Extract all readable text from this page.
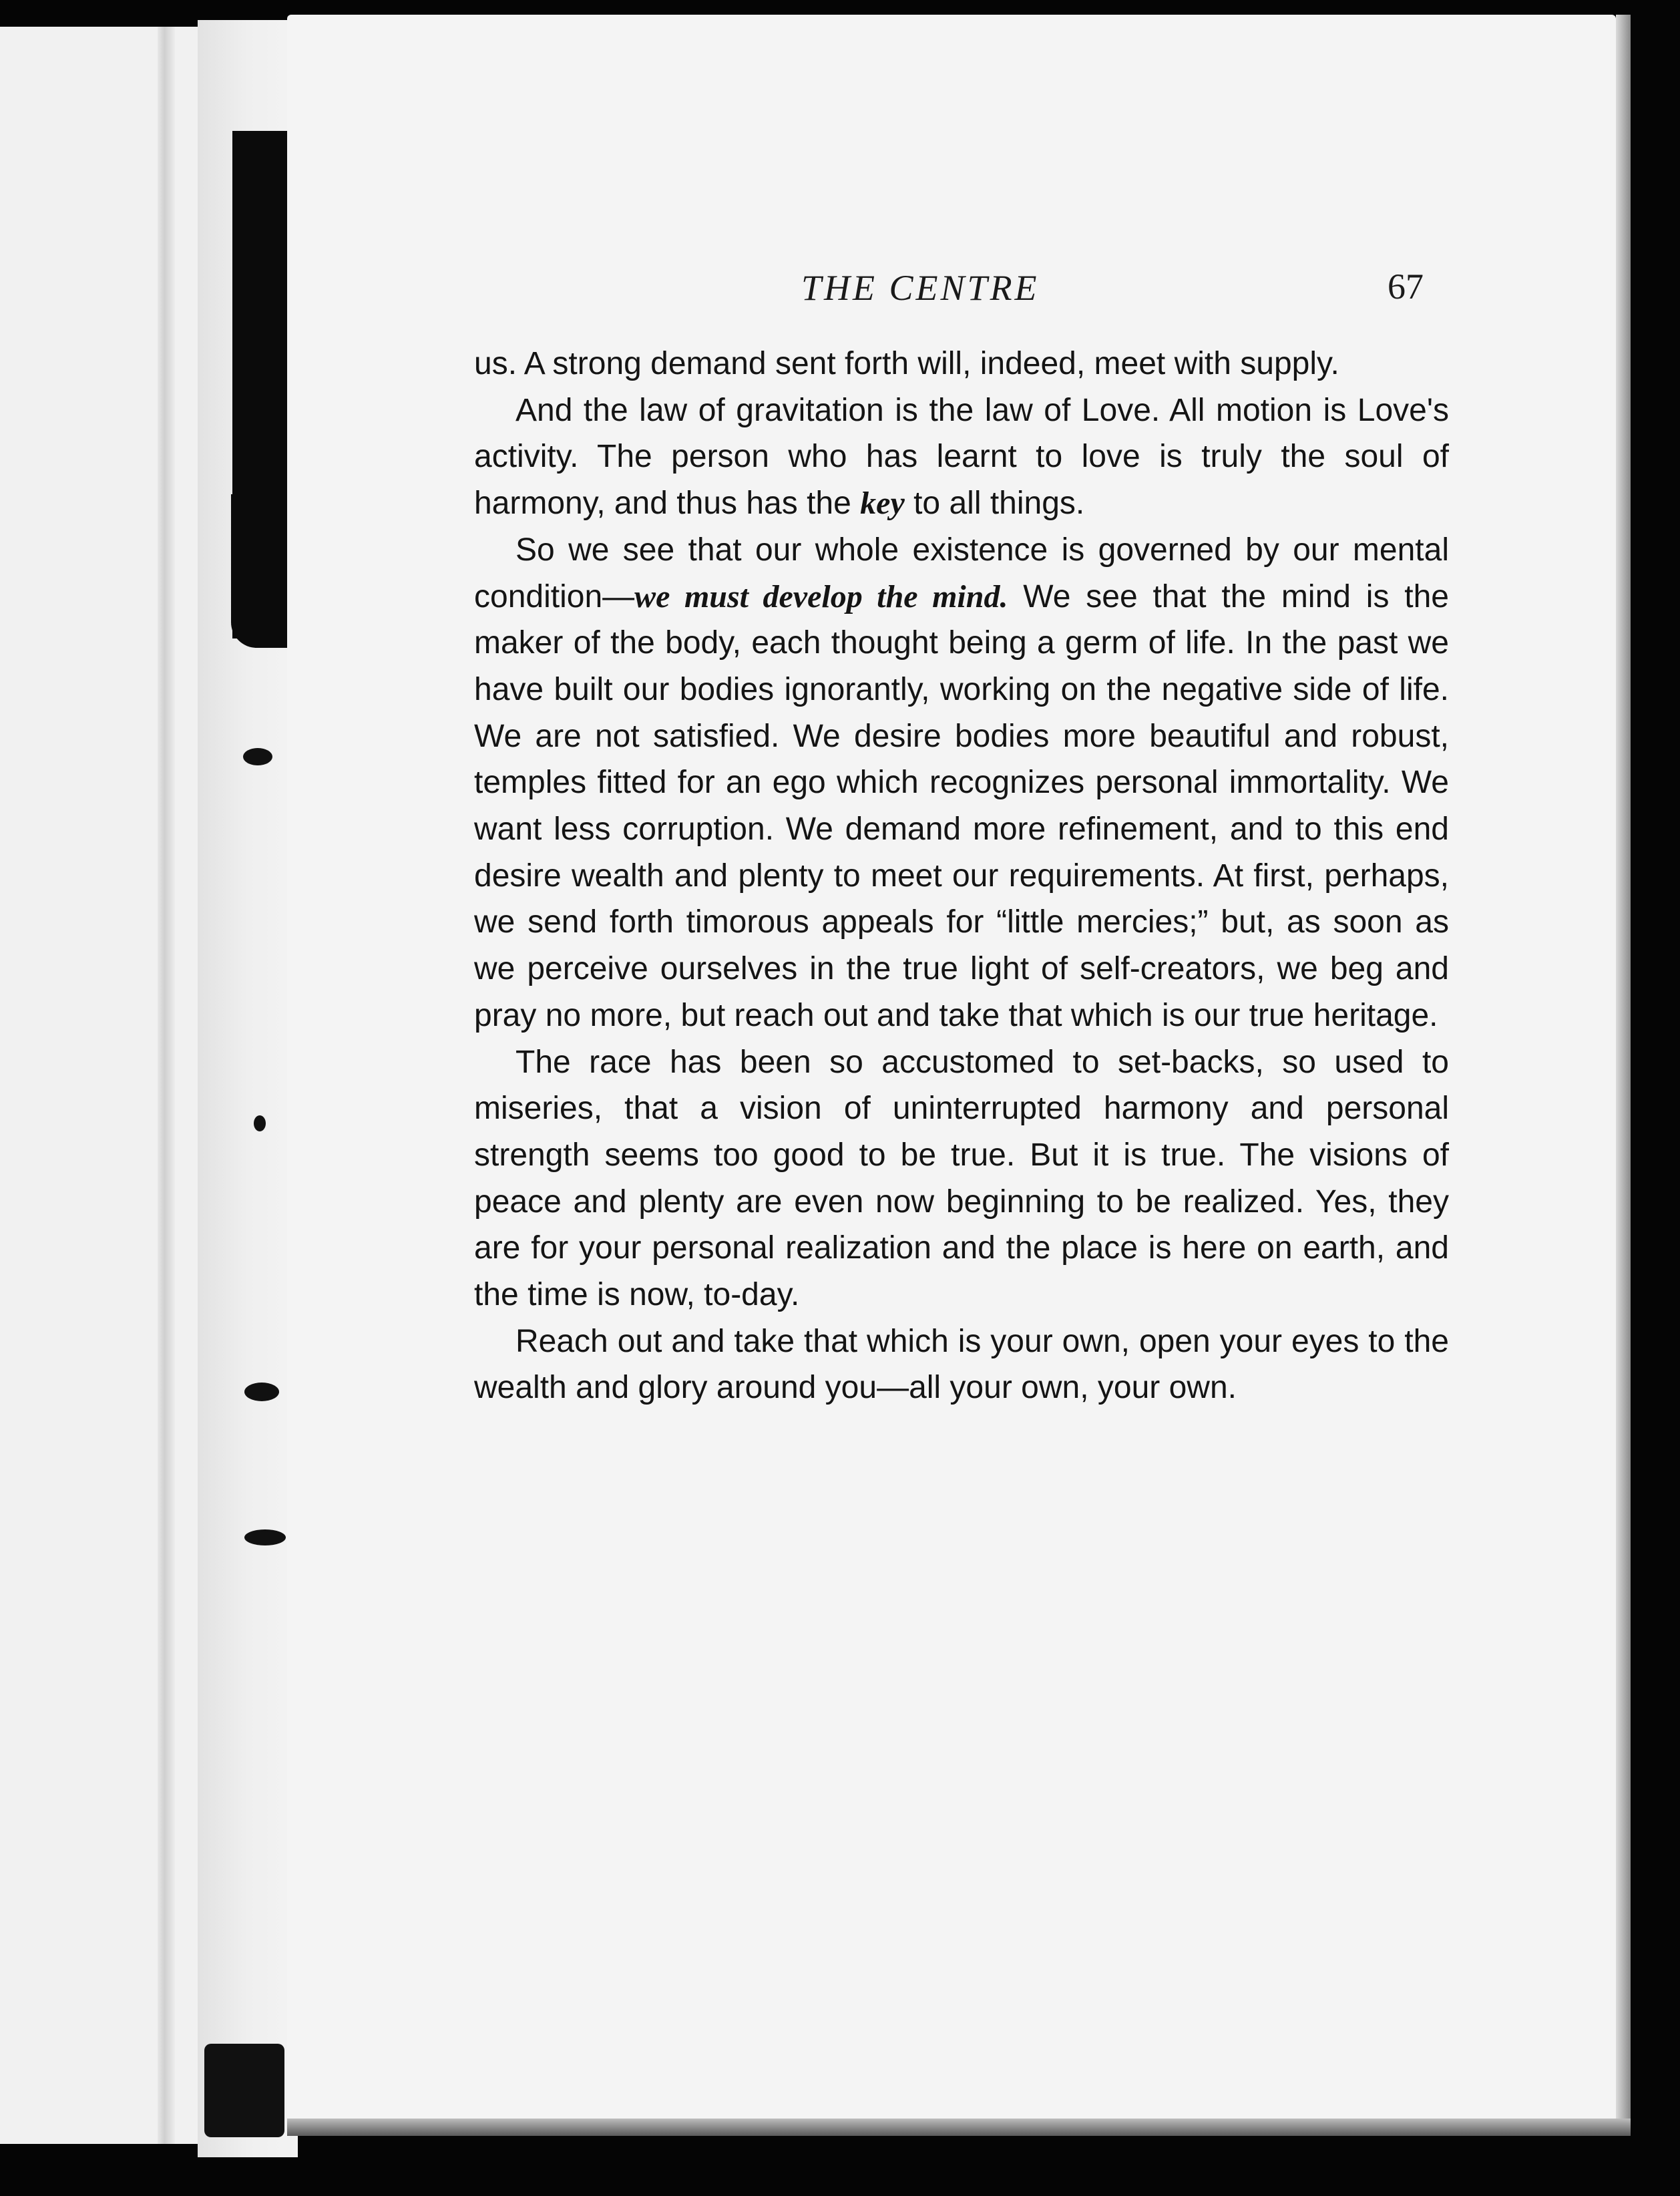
THE CENTRE	67

us. A strong demand sent forth will, indeed, meet with supply.

And the law of gravitation is the law of Love. All motion is Love's activity. The person who has learnt to love is truly the soul of harmony, and thus has the key to all things.

So we see that our whole existence is governed by our mental condition—we must develop the mind. We see that the mind is the maker of the body, each thought being a germ of life. In the past we have built our bodies ignorantly, working on the negative side of life. We are not satisfied. We desire bodies more beautiful and robust, temples fitted for an ego which recognizes personal immortality. We want less corruption. We demand more refinement, and to this end desire wealth and plenty to meet our requirements. At first, perhaps, we send forth timorous appeals for “little mercies;” but, as soon as we perceive ourselves in the true light of self-creators, we beg and pray no more, but reach out and take that which is our true heritage.

The race has been so accustomed to set-backs, so used to miseries, that a vision of uninterrupted harmony and personal strength seems too good to be true. But it is true. The visions of peace and plenty are even now beginning to be realized. Yes, they are for your personal realization and the place is here on earth, and the time is now, to-day.

Reach out and take that which is your own, open your eyes to the wealth and glory around you—all your own, your own.
